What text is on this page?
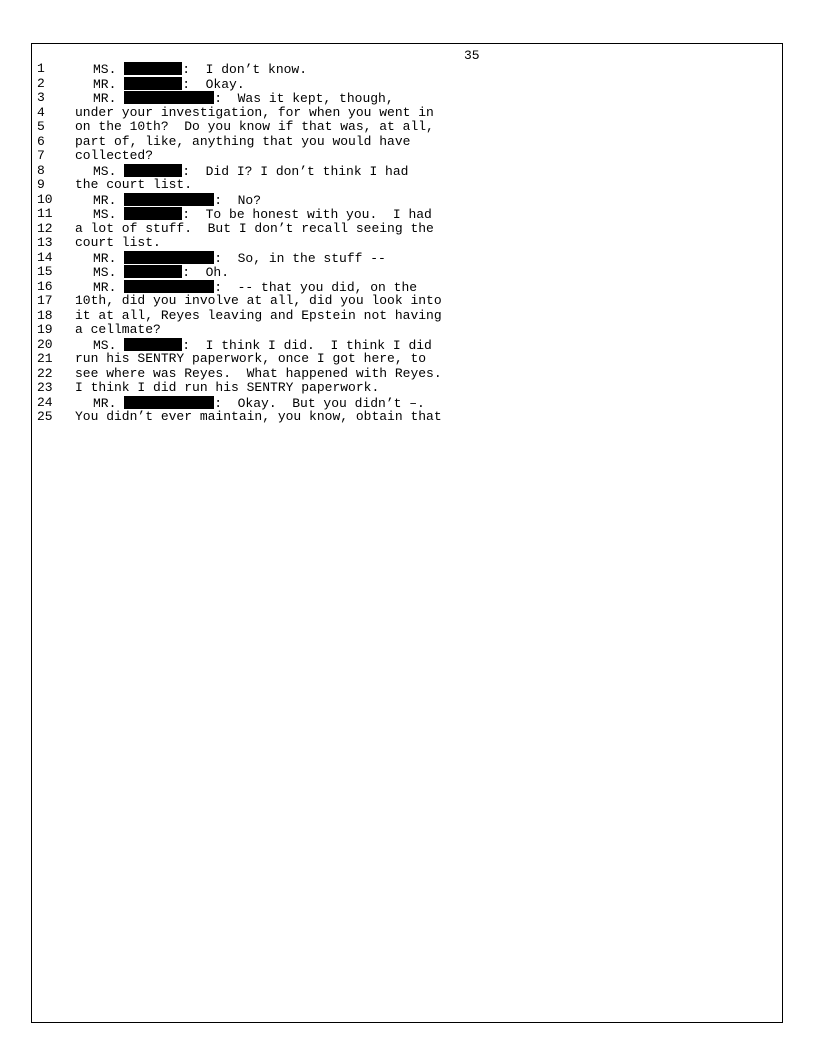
35
1	MS.	:  I don’t know.
2	MR.	:  Okay.
3	MR.	:  Was it kept, though,
4	under your investigation, for when you went in
5	on the 10th?  Do you know if that was, at all,
6	part of, like, anything that you would have
7	collected?
8	MS.	:  Did I? I don’t think I had
9	the court list.
10	MR.	:  No?
11	MS.	:  To be honest with you.  I had
12	a lot of stuff.  But I don’t recall seeing the
13	court list.
14	MR.	:  So, in the stuff --
15	MS.	:  Oh.
16	MR.	:  -- that you did, on the
17	10th, did you involve at all, did you look into
18	it at all, Reyes leaving and Epstein not having
19	a cellmate?
20	MS.	:  I think I did.  I think I did
21	run his SENTRY paperwork, once I got here, to
22	see where was Reyes.  What happened with Reyes.
23	I think I did run his SENTRY paperwork.
24	MR.	:  Okay.  But you didn’t –.
25	You didn’t ever maintain, you know, obtain that
